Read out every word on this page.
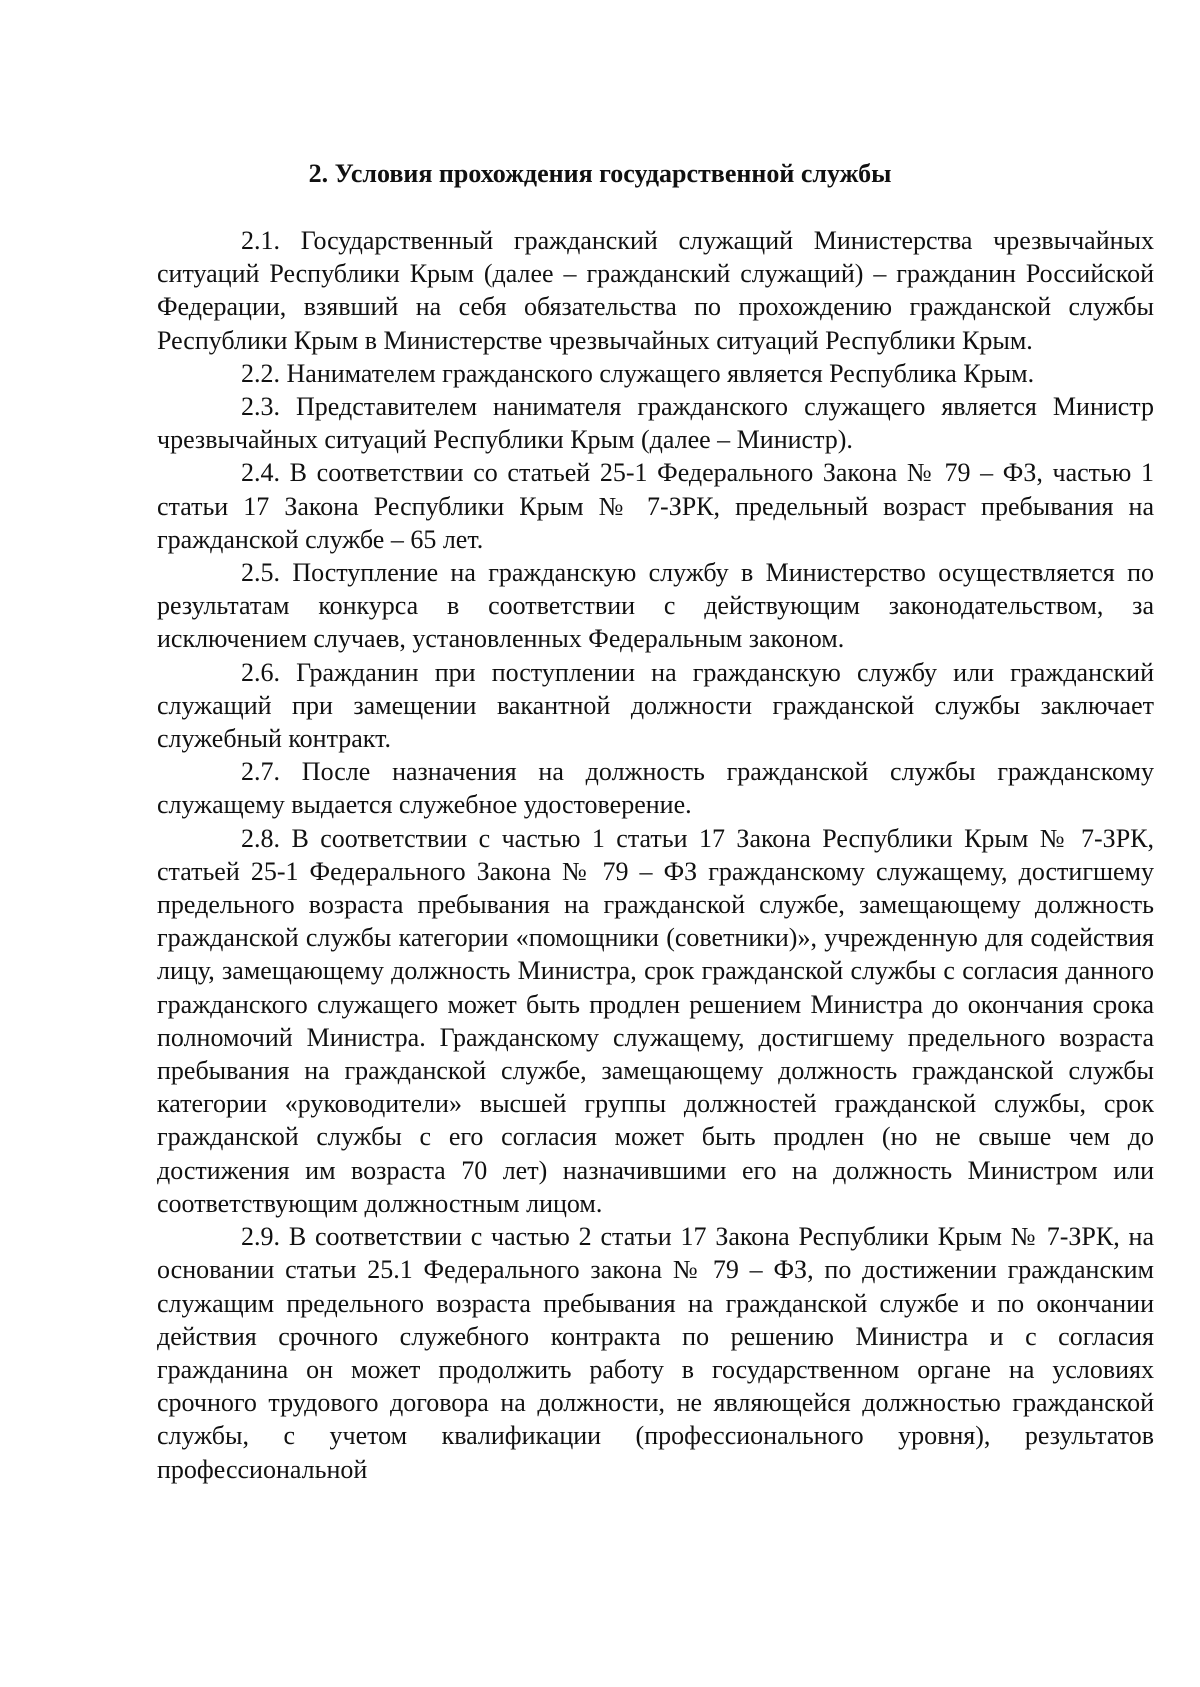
2. Условия прохождения государственной службы

2.1. Государственный гражданский служащий Министерства чрезвычайных ситуаций Республики Крым (далее – гражданский служащий) – гражданин Российской Федерации, взявший на себя обязательства по прохождению гражданской службы Республики Крым в Министерстве чрезвычайных ситуаций Республики Крым.

2.2. Нанимателем гражданского служащего является Республика Крым.

2.3. Представителем нанимателя гражданского служащего является Министр чрезвычайных ситуаций Республики Крым (далее – Министр).

2.4. В соответствии со статьей 25-1 Федерального Закона № 79 – ФЗ, частью 1 статьи 17 Закона Республики Крым № 7-ЗРК, предельный возраст пребывания на гражданской службе – 65 лет.

2.5. Поступление на гражданскую службу в Министерство осуществляется по результатам конкурса в соответствии с действующим законодательством, за исключением случаев, установленных Федеральным законом.

2.6. Гражданин при поступлении на гражданскую службу или гражданский служащий при замещении вакантной должности гражданской службы заключает служебный контракт.

2.7. После назначения на должность гражданской службы гражданскому служащему выдается служебное удостоверение.

2.8. В соответствии с частью 1 статьи 17 Закона Республики Крым № 7-ЗРК, статьей 25-1 Федерального Закона № 79 – ФЗ гражданскому служащему, достигшему предельного возраста пребывания на гражданской службе, замещающему должность гражданской службы категории «помощники (советники)», учрежденную для содействия лицу, замещающему должность Министра, срок гражданской службы с согласия данного гражданского служащего может быть продлен решением Министра до окончания срока полномочий Министра. Гражданскому служащему, достигшему предельного возраста пребывания на гражданской службе, замещающему должность гражданской службы категории «руководители» высшей группы должностей гражданской службы, срок гражданской службы с его согласия может быть продлен (но не свыше чем до достижения им возраста 70 лет) назначившими его на должность Министром или соответствующим должностным лицом.

2.9. В соответствии с частью 2 статьи 17 Закона Республики Крым № 7-ЗРК, на основании статьи 25.1 Федерального закона № 79 – ФЗ, по достижении гражданским служащим предельного возраста пребывания на гражданской службе и по окончании действия срочного служебного контракта по решению Министра и с согласия гражданина он может продолжить работу в государственном органе на условиях срочного трудового договора на должности, не являющейся должностью гражданской службы, с учетом квалификации (профессионального уровня), результатов профессиональной
